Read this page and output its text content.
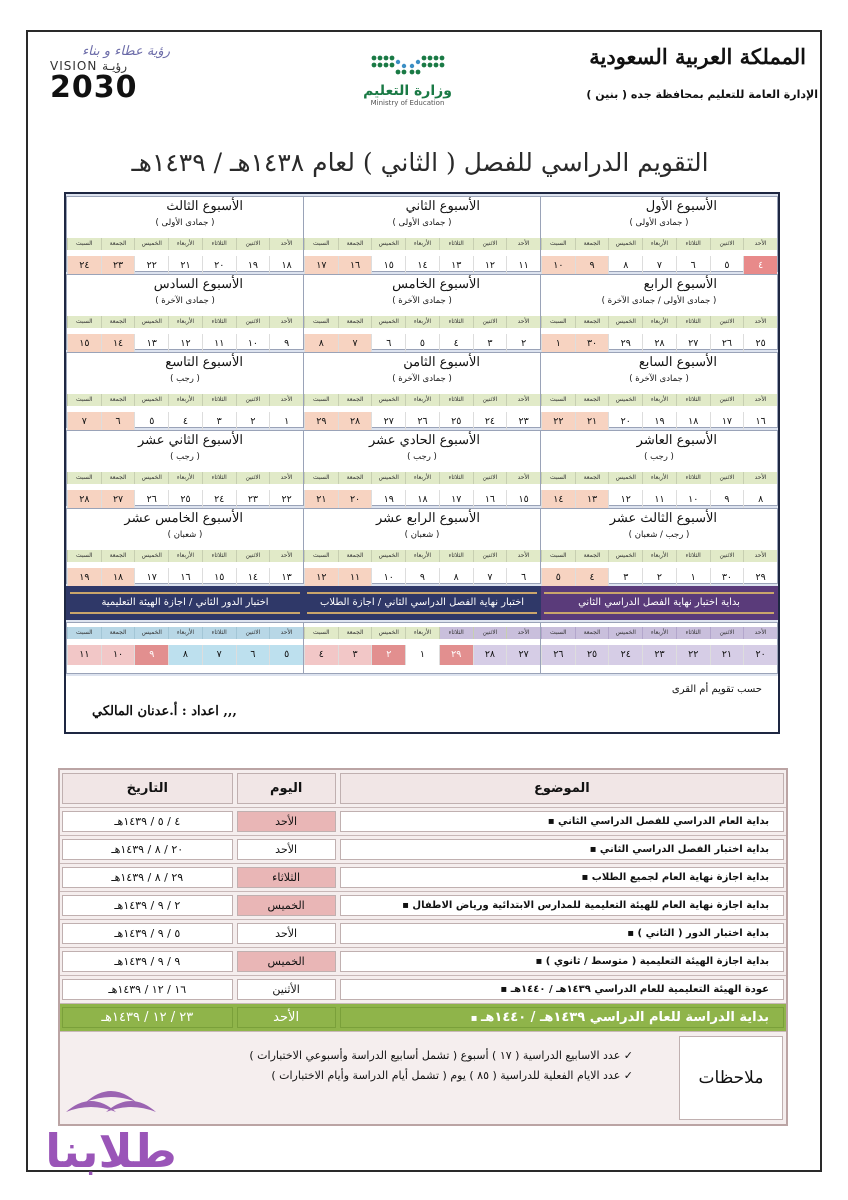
المملكة العربية السعودية
الإدارة العامة للتعليم بمحافظة جده ( بنين )
وزارة التعليم
Ministry of Education
رؤية عطاء و بناء
VISION رؤيـة
2030
التقويم الدراسي للفصل ( الثاني ) لعام ١٤٣٨هـ / ١٤٣٩هـ
الأسبوع الأول
( جمادى الأولى )
الأحد
الاثنين
الثلاثاء
الأربعاء
الخميس
الجمعة
السبت
٤
٥
٦
٧
٨
٩
١٠
الأسبوع الثاني
( جمادى الأولى )
الأحد
الاثنين
الثلاثاء
الأربعاء
الخميس
الجمعة
السبت
١١
١٢
١٣
١٤
١٥
١٦
١٧
الأسبوع الثالث
( جمادى الأولى )
الأحد
الاثنين
الثلاثاء
الأربعاء
الخميس
الجمعة
السبت
١٨
١٩
٢٠
٢١
٢٢
٢٣
٢٤
الأسبوع الرابع
( جمادى الأولى / جمادى الآخرة )
الأحد
الاثنين
الثلاثاء
الأربعاء
الخميس
الجمعة
السبت
٢٥
٢٦
٢٧
٢٨
٢٩
٣٠
١
الأسبوع الخامس
( جمادى الآخرة )
الأحد
الاثنين
الثلاثاء
الأربعاء
الخميس
الجمعة
السبت
٢
٣
٤
٥
٦
٧
٨
الأسبوع السادس
( جمادى الآخرة )
الأحد
الاثنين
الثلاثاء
الأربعاء
الخميس
الجمعة
السبت
٩
١٠
١١
١٢
١٣
١٤
١٥
الأسبوع السابع
( جمادى الآخرة )
الأحد
الاثنين
الثلاثاء
الأربعاء
الخميس
الجمعة
السبت
١٦
١٧
١٨
١٩
٢٠
٢١
٢٢
الأسبوع الثامن
( جمادى الآخرة )
الأحد
الاثنين
الثلاثاء
الأربعاء
الخميس
الجمعة
السبت
٢٣
٢٤
٢٥
٢٦
٢٧
٢٨
٢٩
الأسبوع التاسع
( رجب )
الأحد
الاثنين
الثلاثاء
الأربعاء
الخميس
الجمعة
السبت
١
٢
٣
٤
٥
٦
٧
الأسبوع العاشر
( رجب )
الأحد
الاثنين
الثلاثاء
الأربعاء
الخميس
الجمعة
السبت
٨
٩
١٠
١١
١٢
١٣
١٤
الأسبوع الحادي عشر
( رجب )
الأحد
الاثنين
الثلاثاء
الأربعاء
الخميس
الجمعة
السبت
١٥
١٦
١٧
١٨
١٩
٢٠
٢١
الأسبوع الثاني عشر
( رجب )
الأحد
الاثنين
الثلاثاء
الأربعاء
الخميس
الجمعة
السبت
٢٢
٢٣
٢٤
٢٥
٢٦
٢٧
٢٨
الأسبوع الثالث عشر
( رجب / شعبان )
الأحد
الاثنين
الثلاثاء
الأربعاء
الخميس
الجمعة
السبت
٢٩
٣٠
١
٢
٣
٤
٥
الأسبوع الرابع عشر
( شعبان )
الأحد
الاثنين
الثلاثاء
الأربعاء
الخميس
الجمعة
السبت
٦
٧
٨
٩
١٠
١١
١٢
الأسبوع الخامس عشر
( شعبان )
الأحد
الاثنين
الثلاثاء
الأربعاء
الخميس
الجمعة
السبت
١٣
١٤
١٥
١٦
١٧
١٨
١٩
بداية اختبار نهاية الفصل الدراسي الثاني
الأحد
الاثنين
الثلاثاء
الأربعاء
الخميس
الجمعة
السبت
٢٠
٢١
٢٢
٢٣
٢٤
٢٥
٢٦
اختبار نهاية الفصل الدراسي الثاني / اجازة الطلاب
الأحد
الاثنين
الثلاثاء
الأربعاء
الخميس
الجمعة
السبت
٢٧
٢٨
٢٩
١
٢
٣
٤
اختبار الدور الثاني / اجازة الهيئة التعليمية
الأحد
الاثنين
الثلاثاء
الأربعاء
الخميس
الجمعة
السبت
٥
٦
٧
٨
٩
١٠
١١
حسب تقويم أم القرى
اعداد : أ.عدنان المالكي ,,,
الموضوع
اليوم
التاريخ
▪ بداية العام الدراسي للفصل الدراسي الثاني
الأحد
٤ / ٥ / ١٤٣٩هـ
▪ بداية اختبار الفصل الدراسي الثاني
الأحد
٢٠ / ٨ / ١٤٣٩هـ
▪ بداية اجازة نهاية العام لجميع الطلاب
الثلاثاء
٢٩ / ٨ / ١٤٣٩هـ
▪ بداية اجازة نهاية العام للهيئة التعليمية للمدارس الابتدائية ورياض الاطفال
الخميس
٢ / ٩ / ١٤٣٩هـ
▪ بداية اختبار الدور ( الثاني )
الأحد
٥ / ٩ / ١٤٣٩هـ
▪ بداية اجازة الهيئة التعليمية ( متوسط / ثانوي )
الخميس
٩ / ٩ / ١٤٣٩هـ
▪ عودة الهيئة التعليمية للعام الدراسي ١٤٣٩هـ / ١٤٤٠هـ
الأثنين
١٦ / ١٢ / ١٤٣٩هـ
▪ بداية الدراسة للعام الدراسي ١٤٣٩هـ / ١٤٤٠هـ
الأحد
٢٣ / ١٢ / ١٤٣٩هـ
ملاحظات
عدد الاسابيع الدراسية ( ١٧ ) أسبوع ( تشمل أسابيع الدراسة وأسبوعي الاختبارات ) ✓
عدد الايام الفعلية للدراسية ( ٨٥ ) يوم ( تشمل أيام الدراسة وأيام الاختبارات ) ✓
طلابنا
